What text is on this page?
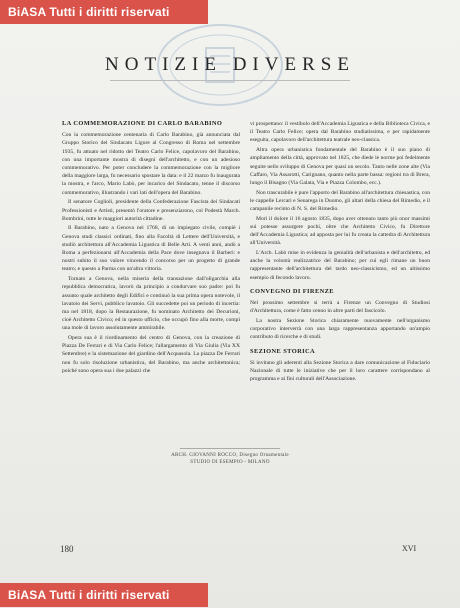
BiASA Tutti i diritti riservati
NOTIZIE DIVERSE
LA COMMEMORAZIONE DI CARLO BARABINO

Con la commemorazione centenaria di Carlo Barabino, già annunciata dal Gruppo Storico del Sindacato Ligure al Congresso di Roma nel settembre 1935, fu attuato nel ridotto del Teatro Carlo Felice, capolavoro del Barabino, con una importante mostra di disegni dell'architetto, e con un adesioso commemorativo. Per poter concludere la commemorazione con la migliore della maggiore larga, fu necessario spostare la data: e il 22 marzo fu inaugurata la mostra, e l'arco, Mario Labò, per incarico del Sindacato, tenne il discorso commemorativo, illustrando i vari lati dell'opera del Barabino.

Il senatore Coglioli, presidente della Confederazione Fascista dei Sindacati Professionisti e Artisti, presentò l'oratore e presenziarono, col Podestà March. Bombrini, tutte le maggiori autorità cittadine.

Il Barabino, nato a Genova nel 1768, di un impiegato civile, compiè i Genova studi classici ordinati, fino alla Facoltà di Lettere dell'Università, e studiò architettura all'Accademia Ligustica di Belle Arti. A venti anni, andò a Roma a perfezionarsi all'Accademia della Pace dove insegnava il Barberi: e nostri subito il suo valore vincendo il concorso per un progetto di grande teatro; e questo a Parma con un'altra vittoria.

Tornato a Genova, nella miseria della transazione dall'oligarchia alla repubblica democratica, lavorò da principio a condurvare suo padre: poi fu assunto quale architetto degli Edifici e continuò la sua prima opera notevole, il lavatoio dei Servi, pubblico lavatoio. Gli succedette poi un periodo di incertia: ma nel 1818, dopo la Restaurazione, fu nominato Architetto dei Decurioni, cioè Architetto Civico; ed in questo ufficio, che occupò fino alla morte, compì una mole di lavoro assolutamente ammirabile.

Opera sua è il riordinamento del centro di Genova, con la creazione di Piazza De Ferrari e di Via Carlo Felice; l'allargamento di Via Giulia (Via XX Settembre) e la sistemazione del giardino dell'Acquasola. La piazza De Ferrari non fu solo risoluzione urbanistica, del Barabino, ma anche architettonica; poiché sono opera sua i due palazzi che

vi prospettano: il vestibolo dell'Accademia Ligustica e della Biblioteca Civica, e il Teatro Carlo Felice; opera dal Barabino studiatissima, e per rapidamente eseguita, capolavoro dell'architettura teatrale neo-classica.

Altra opera urbanistica fondamentale del Barabino è il suo piano di ampliamento della città, approvato nel 1825, che diede le norme poi fedelmente seguite nello sviluppo di Genova per quasi un secolo. Tanto nelle zone alte (Via Caffaro, Via Assarotti, Carignano, quanto nella parte bassa: regioni tra di Brera, lungo il Bisagno (Via Galata, Via e Piazza Colombo, ecc.).

Non trascurabile è pure l'apporto del Barabino all'architettura chiesastica, con le cappelle Lercari e Senarega in Duomo, gli altari della chiesa del Rimedio, e il campanile recinto di N. S. del Rimedio.

Morì il dolore il 16 agosto 1835, dopo aver ottenuto tanto più onor massimi sui potesse assurgere pochi, oltre che Architetto Civico, fu Direttore dell'Accademia Ligustica; ad apposta per lui fu creata la cattedra di Architettura all'Università.

L'Arch. Labò mise in evidenza la genialità dell'urbanista e dell'architetto, ed anche la volontà realizzatrice del Barabino; per cui egli rimane un buon rappresentante dell'architettura del tardo neo-classicismo, ed un altissimo esempio di fecondo lavoro.

CONVEGNO DI FIRENZE

Nel prossimo settembre si terrà a Firenze un Convegno di Studiosi d'Architettura, come è fatto cenno in altre parti del fascicolo.

La nostra Sezione Storica chiaramente nuovamente nell'organismo corporativo interverrà con una larga rappresentanza apportando un'ampio contributo di ricerche e di studi.

SEZIONE STORICA

Si invitano gli aderenti alla Sezione Storica a dare comunicazione al Fiduciario Nazionale di tutte le iniziative che per il loro carattere corrispondano al programma e ai fini culturali dell'Associazione.

ARCH. GIOVANNI ROCCO, Disegno Ornamentale
STUDIO DI ESEMPIO - MILANO
180	XVI
BiASA Tutti i diritti riservati
